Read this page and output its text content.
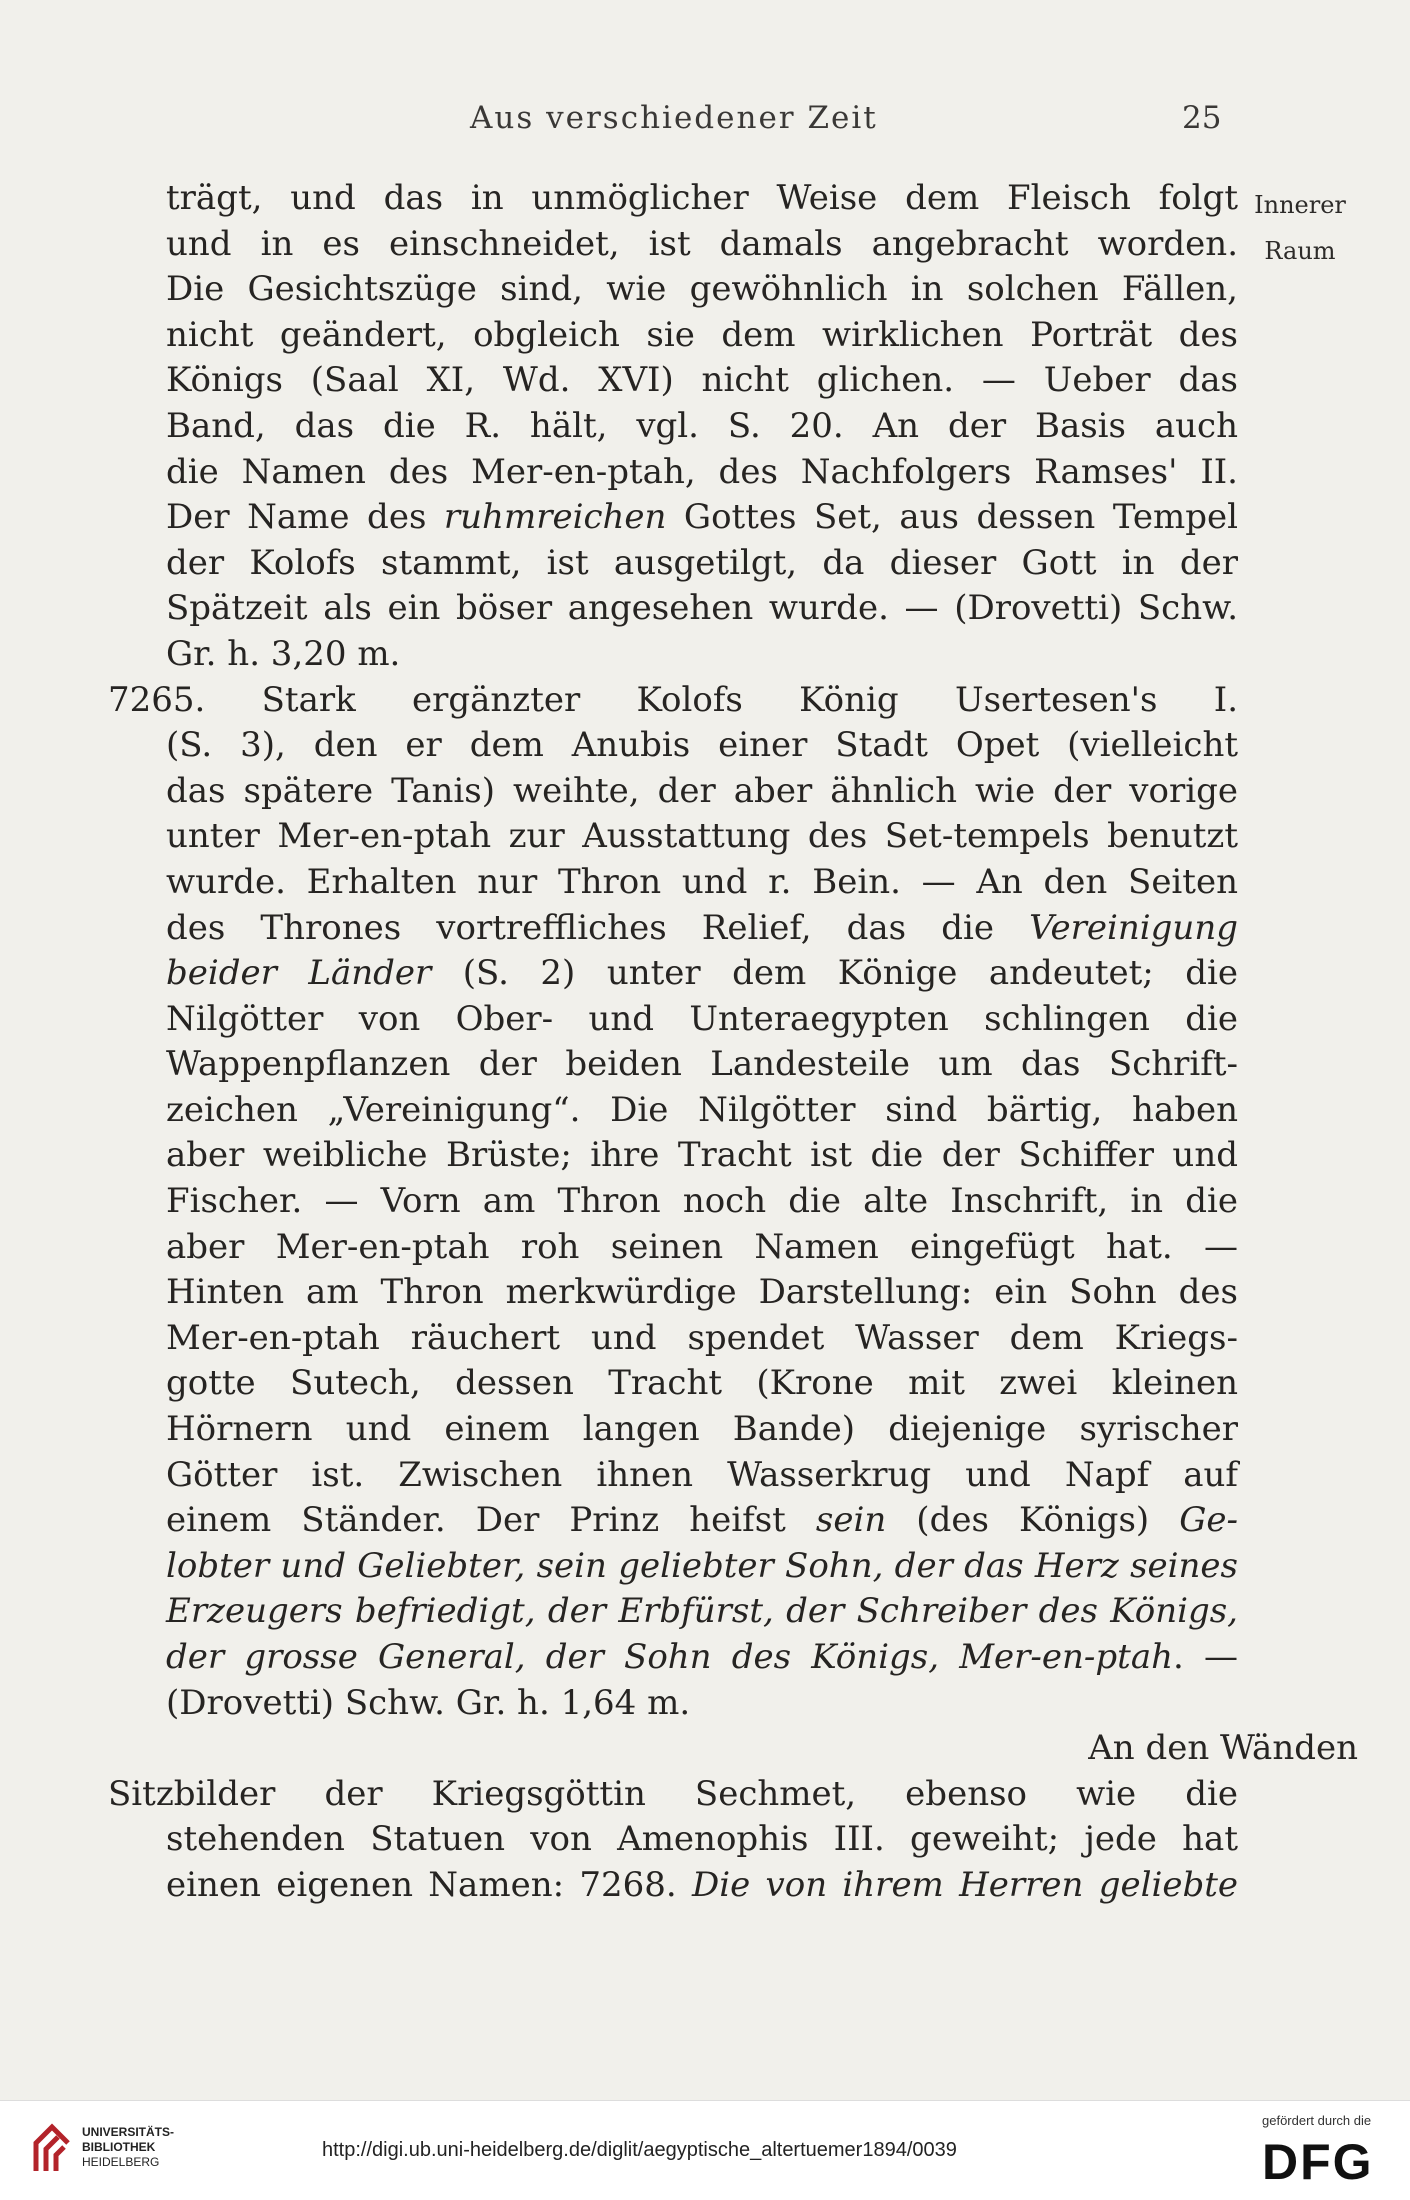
Aus verschiedener Zeit	25
Innerer
Raum
trägt, und das in unmöglicher Weise dem Fleisch folgt
und in es einschneidet, ist damals angebracht worden.
Die Gesichtszüge sind, wie gewöhnlich in solchen Fällen,
nicht geändert, obgleich sie dem wirklichen Porträt des
Königs (Saal XI, Wd. XVI) nicht glichen. — Ueber das
Band, das die R. hält, vgl. S. 20. An der Basis auch
die Namen des Mer-en-ptah, des Nachfolgers Ramses' II.
Der Name des ruhmreichen Gottes Set, aus dessen Tempel
der Kolofs stammt, ist ausgetilgt, da dieser Gott in der
Spätzeit als ein böser angesehen wurde. — (Drovetti) Schw.
Gr. h. 3,20 m.
7265. Stark ergänzter Kolofs König Usertesen's I.
(S. 3), den er dem Anubis einer Stadt Opet (vielleicht
das spätere Tanis) weihte, der aber ähnlich wie der vorige
unter Mer-en-ptah zur Ausstattung des Set-tempels benutzt
wurde. Erhalten nur Thron und r. Bein. — An den Seiten
des Thrones vortreffliches Relief, das die Vereinigung
beider Länder (S. 2) unter dem Könige andeutet; die
Nilgötter von Ober- und Unteraegypten schlingen die
Wappenpflanzen der beiden Landesteile um das Schrift-
zeichen „Vereinigung“. Die Nilgötter sind bärtig, haben
aber weibliche Brüste; ihre Tracht ist die der Schiffer und
Fischer. — Vorn am Thron noch die alte Inschrift, in die
aber Mer-en-ptah roh seinen Namen eingefügt hat. —
Hinten am Thron merkwürdige Darstellung: ein Sohn des
Mer-en-ptah räuchert und spendet Wasser dem Kriegs-
gotte Sutech, dessen Tracht (Krone mit zwei kleinen
Hörnern und einem langen Bande) diejenige syrischer
Götter ist. Zwischen ihnen Wasserkrug und Napf auf
einem Ständer. Der Prinz heifst sein (des Königs) Ge-
lobter und Geliebter, sein geliebter Sohn, der das Herz seines
Erzeugers befriedigt, der Erbfürst, der Schreiber des Königs,
der grosse General, der Sohn des Königs, Mer-en-ptah. —
(Drovetti) Schw. Gr. h. 1,64 m.
An den Wänden
Sitzbilder der Kriegsgöttin Sechmet, ebenso wie die
stehenden Statuen von Amenophis III. geweiht; jede hat
einen eigenen Namen: 7268. Die von ihrem Herren geliebte
UNIVERSITÄTS-
BIBLIOTHEK
HEIDELBERG
http://digi.ub.uni-heidelberg.de/diglit/aegyptische_altertuemer1894/0039
gefördert durch die
DFG
